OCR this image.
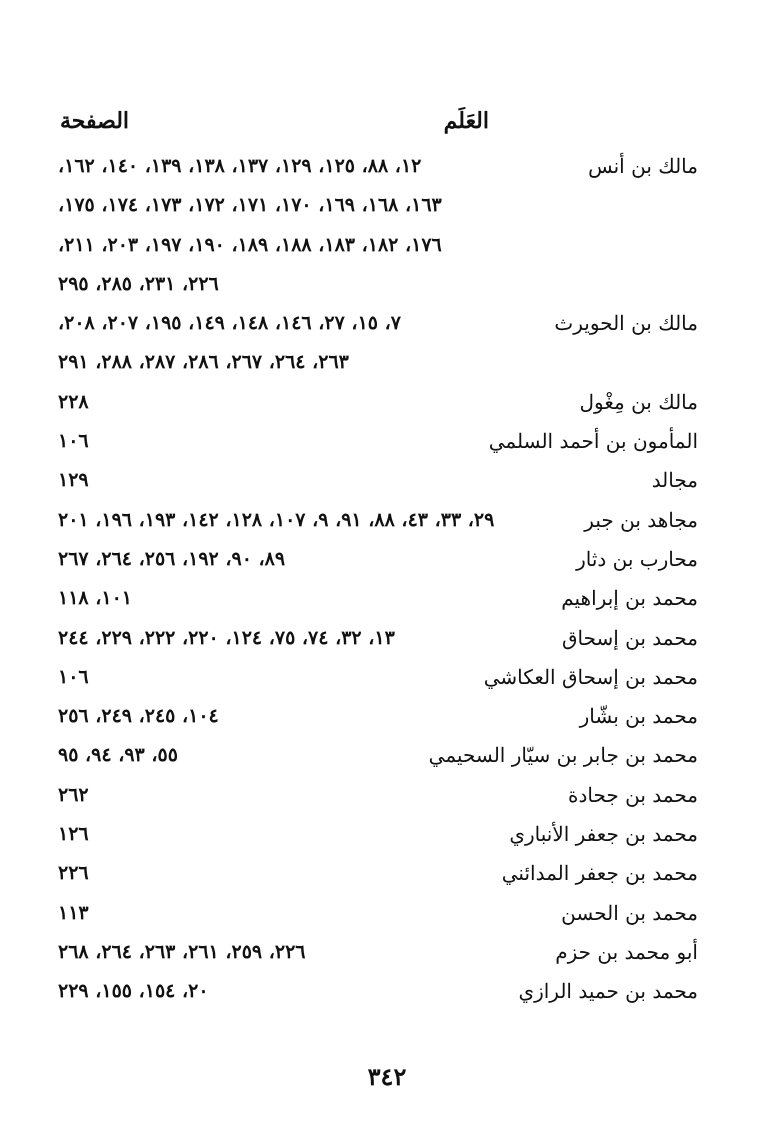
العَلَم
الصفحة
مالك بن أنس
١٢، ٨٨، ١٢٥، ١٢٩، ١٣٧، ١٣٨، ١٣٩، ١٤٠، ١٦٢،
١٦٣، ١٦٨، ١٦٩، ١٧٠، ١٧١، ١٧٢، ١٧٣، ١٧٤، ١٧٥،
١٧٦، ١٨٢، ١٨٣، ١٨٨، ١٨٩، ١٩٠، ١٩٧، ٢٠٣، ٢١١،
٢٢٦، ٢٣١، ٢٨٥، ٢٩٥
مالك بن الحويرث
٧، ١٥، ٢٧، ١٤٦، ١٤٨، ١٤٩، ١٩٥، ٢٠٧، ٢٠٨،
٢٦٣، ٢٦٤، ٢٦٧، ٢٨٦، ٢٨٧، ٢٨٨، ٢٩١
مالك بن مِغْول
٢٢٨
المأمون بن أحمد السلمي
١٠٦
مجالد
١٢٩
مجاهد بن جبر
٢٩، ٣٣، ٤٣، ٨٨، ٩١، ٩، ١٠٧، ١٢٨، ١٤٢، ١٩٣، ١٩٦، ٢٠١
محارب بن دثار
٨٩، ٩٠، ١٩٢، ٢٥٦، ٢٦٤، ٢٦٧
محمد بن إبراهيم
١٠١، ١١٨
محمد بن إسحاق
١٣، ٣٢، ٧٤، ٧٥، ١٢٤، ٢٢٠، ٢٢٢، ٢٢٩، ٢٤٤
محمد بن إسحاق العكاشي
١٠٦
محمد بن بشّار
١٠٤، ٢٤٥، ٢٤٩، ٢٥٦
محمد بن جابر بن سيّار السحيمي
٥٥، ٩٣، ٩٤، ٩٥
محمد بن جحادة
٢٦٢
محمد بن جعفر الأنباري
١٢٦
محمد بن جعفر المدائني
٢٢٦
محمد بن الحسن
١١٣
أبو محمد بن حزم
٢٢٦، ٢٥٩، ٢٦١، ٢٦٣، ٢٦٤، ٢٦٨
محمد بن حميد الرازي
٢٠، ١٥٤، ١٥٥، ٢٢٩
٣٤٢
